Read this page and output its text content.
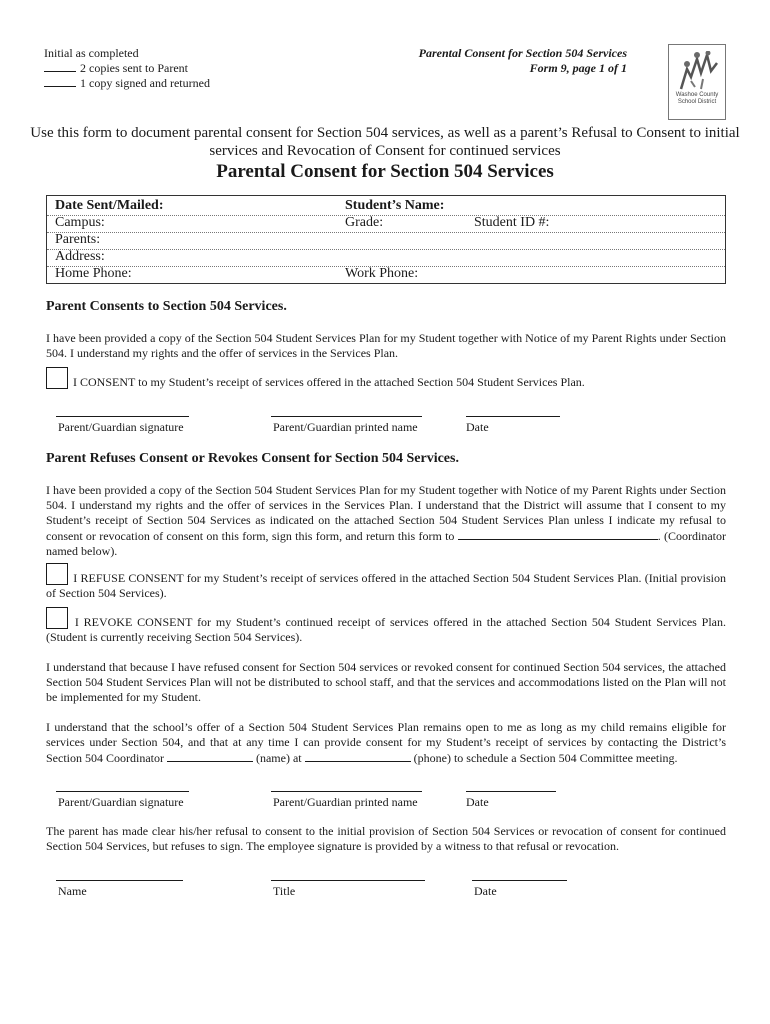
Initial as completed
2 copies sent to Parent
1 copy signed and returned
Parental Consent for Section 504 Services
Form 9, page 1 of 1
Washoe County
School District
Use this form to document parental consent for Section 504 services, as well as a parent’s Refusal to Consent to initial services and Revocation of Consent for continued services
Parental Consent for Section 504 Services
Date Sent/Mailed:	Student’s Name:
Campus:	Grade:	Student ID #:
Parents:
Address:
Home Phone:	Work Phone:
Parent Consents to Section 504 Services.
I have been provided a copy of the Section 504 Student Services Plan for my Student together with Notice of my Parent Rights under Section 504. I understand my rights and the offer of services in the Services Plan.
I CONSENT to my Student’s receipt of services offered in the attached Section 504 Student Services Plan.
Parent/Guardian signature	Parent/Guardian printed name	Date
Parent Refuses Consent or Revokes Consent for Section 504 Services.
I have been provided a copy of the Section 504 Student Services Plan for my Student together with Notice of my Parent Rights under Section 504. I understand my rights and the offer of services in the Services Plan. I understand that the District will assume that I consent to my Student’s receipt of Section 504 Services as indicated on the attached Section 504 Student Services Plan unless I indicate my refusal to consent or revocation of consent on this form, sign this form, and return this form to	. (Coordinator named below).
I REFUSE CONSENT for my Student’s receipt of services offered in the attached Section 504 Student Services Plan. (Initial provision of Section 504 Services).
I REVOKE CONSENT for my Student’s continued receipt of services offered in the attached Section 504 Student Services Plan. (Student is currently receiving Section 504 Services).
I understand that because I have refused consent for Section 504 services or revoked consent for continued Section 504 services, the attached Section 504 Student Services Plan will not be distributed to school staff, and that the services and accommodations listed on the Plan will not be implemented for my Student.
I understand that the school’s offer of a Section 504 Student Services Plan remains open to me as long as my child remains eligible for services under Section 504, and that at any time I can provide consent for my Student’s receipt of services by contacting the District’s Section 504 Coordinator	(name) at	(phone) to schedule a Section 504 Committee meeting.
Parent/Guardian signature	Parent/Guardian printed name	Date
The parent has made clear his/her refusal to consent to the initial provision of Section 504 Services or revocation of consent for continued Section 504 Services, but refuses to sign. The employee signature is provided by a witness to that refusal or revocation.
Name	Title	Date
